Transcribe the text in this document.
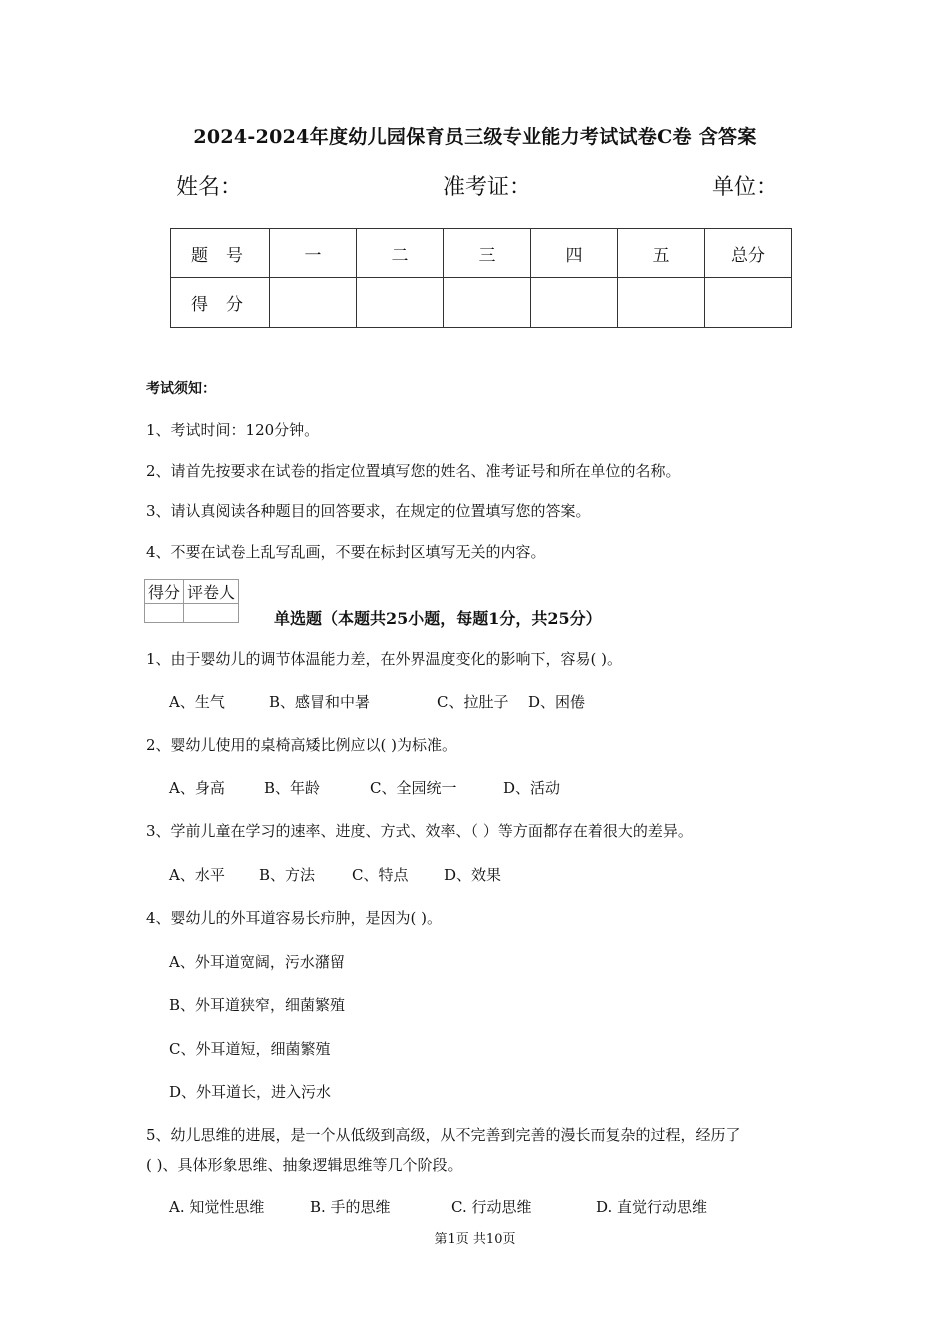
2024-2024年度幼儿园保育员三级专业能力考试试卷C卷 含答案
姓名：	准考证：	单位：
题号	一	二	三	四	五	总分
得分						
考试须知：
1、考试时间：120分钟。
2、请首先按要求在试卷的指定位置填写您的姓名、准考证号和所在单位的名称。
3、请认真阅读各种题目的回答要求，在规定的位置填写您的答案。
4、不要在试卷上乱写乱画，不要在标封区填写无关的内容。
得分	评卷人

单选题（本题共25小题，每题1分，共25分）
1、由于婴幼儿的调节体温能力差，在外界温度变化的影响下，容易( )。
A、生气	B、感冒和中暑	C、拉肚子 D、困倦
2、婴幼儿使用的桌椅高矮比例应以( )为标准。
A、身高	B、年龄	C、全园统一	D、活动
3、学前儿童在学习的速率、进度、方式、效率、（ ）等方面都存在着很大的差异。
A、水平 B、方法 C、特点 D、效果
4、婴幼儿的外耳道容易长疖肿，是因为( )。
A、外耳道宽阔，污水潴留
B、外耳道狭窄，细菌繁殖
C、外耳道短，细菌繁殖
D、外耳道长，进入污水
5、幼儿思维的进展，是一个从低级到高级，从不完善到完善的漫长而复杂的过程，经历了
( )、具体形象思维、抽象逻辑思维等几个阶段。
A. 知觉性思维	B. 手的思维	C. 行动思维	D. 直觉行动思维
第1页 共10页
